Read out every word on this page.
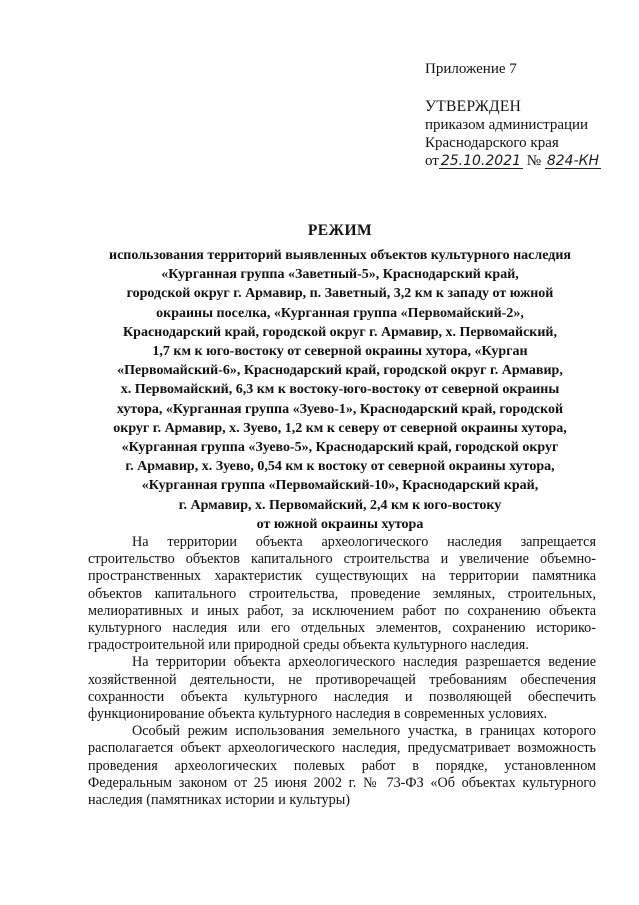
Приложение 7
УТВЕРЖДЕН
приказом администрации
Краснодарского края
от 25.10.2021 № 824-КН
РЕЖИМ
использования территорий выявленных объектов культурного наследия
«Курганная группа «Заветный-5», Краснодарский край,
городской округ г. Армавир, п. Заветный, 3,2 км к западу от южной
окраины поселка, «Курганная группа «Первомайский-2»,
Краснодарский край, городской округ г. Армавир, х. Первомайский,
1,7 км к юго-востоку от северной окраины хутора, «Курган
«Первомайский-6», Краснодарский край, городской округ г. Армавир,
х. Первомайский, 6,3 км к востоку-юго-востоку от северной окраины
хутора, «Курганная группа «Зуево-1», Краснодарский край, городской
округ г. Армавир, х. Зуево, 1,2 км к северу от северной окраины хутора,
«Курганная группа «Зуево-5», Краснодарский край, городской округ
г. Армавир, х. Зуево, 0,54 км к востоку от северной окраины хутора,
«Курганная группа «Первомайский-10», Краснодарский край,
г. Армавир, х. Первомайский, 2,4 км к юго-востоку
от южной окраины хутора

На территории объекта археологического наследия запрещается строительство объектов капитального строительства и увеличение объемно-пространственных характеристик существующих на территории памятника объектов капитального строительства, проведение земляных, строительных, мелиоративных и иных работ, за исключением работ по сохранению объекта культурного наследия или его отдельных элементов, сохранению историко-градостроительной или природной среды объекта культурного наследия.

На территории объекта археологического наследия разрешается ведение хозяйственной деятельности, не противоречащей требованиям обеспечения сохранности объекта культурного наследия и позволяющей обеспечить функционирование объекта культурного наследия в современных условиях.

Особый режим использования земельного участка, в границах которого располагается объект археологического наследия, предусматривает возможность проведения археологических полевых работ в порядке, установленном Федеральным законом от 25 июня 2002 г. № 73-ФЗ «Об объектах культурного наследия (памятниках истории и культуры)
